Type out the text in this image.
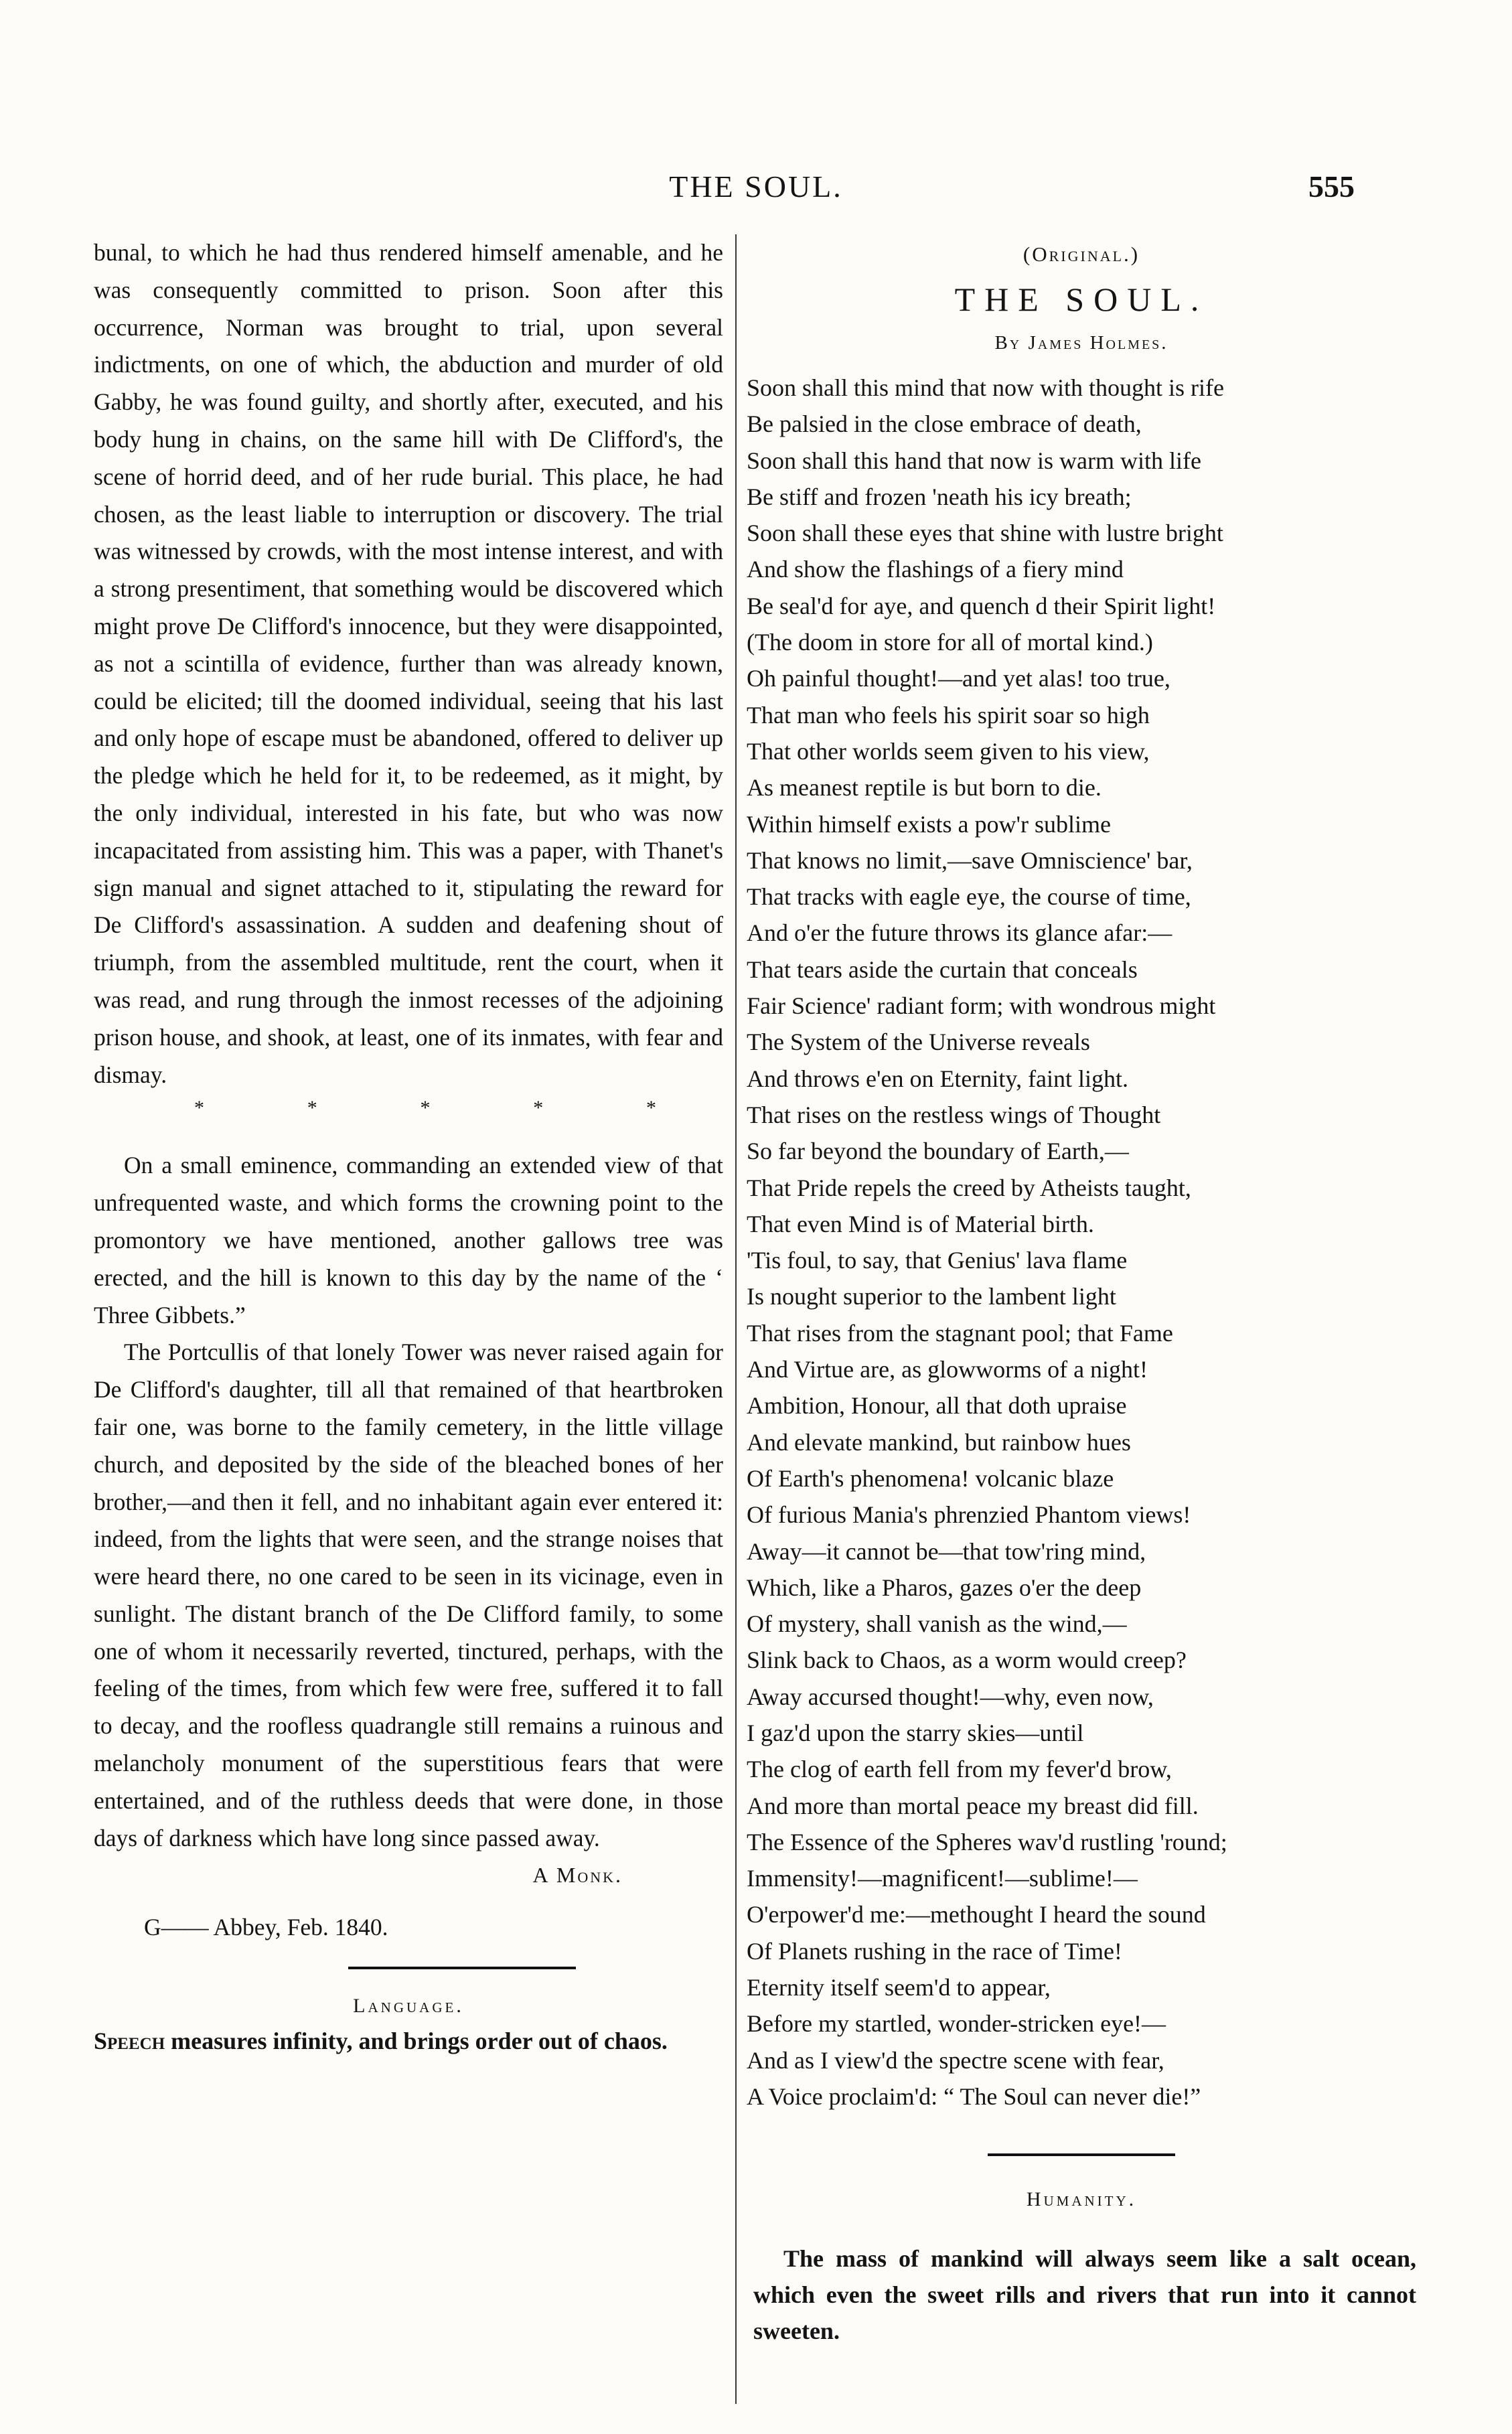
THE SOUL.	555

bunal, to which he had thus rendered himself amenable, and he was consequently committed to prison. Soon after this occurrence, Norman was brought to trial, upon several indictments, on one of which, the abduction and murder of old Gabby, he was found guilty, and shortly after, executed, and his body hung in chains, on the same hill with De Clifford's, the scene of horrid deed, and of her rude burial. This place, he had chosen, as the least liable to interruption or discovery. The trial was witnessed by crowds, with the most intense interest, and with a strong presentiment, that something would be discovered which might prove De Clifford's innocence, but they were disappointed, as not a scintilla of evidence, further than was already known, could be elicited; till the doomed individual, seeing that his last and only hope of escape must be abandoned, offered to deliver up the pledge which he held for it, to be redeemed, as it might, by the only individual, interested in his fate, but who was now incapacitated from assisting him. This was a paper, with Thanet's sign manual and signet attached to it, stipulating the reward for De Clifford's assassination. A sudden and deafening shout of triumph, from the assembled multitude, rent the court, when it was read, and rung through the inmost recesses of the adjoining prison house, and shook, at least, one of its inmates, with fear and dismay.

*	*	*	*	*

On a small eminence, commanding an extended view of that unfrequented waste, and which forms the crowning point to the promontory we have mentioned, another gallows tree was erected, and the hill is known to this day by the name of the ‘ Three Gibbets.”

The Portcullis of that lonely Tower was never raised again for De Clifford's daughter, till all that remained of that heartbroken fair one, was borne to the family cemetery, in the little village church, and deposited by the side of the bleached bones of her brother,—and then it fell, and no inhabitant again ever entered it: indeed, from the lights that were seen, and the strange noises that were heard there, no one cared to be seen in its vicinage, even in sunlight. The distant branch of the De Clifford family, to some one of whom it necessarily reverted, tinctured, perhaps, with the feeling of the times, from which few were free, suffered it to fall to decay, and the roofless quadrangle still remains a ruinous and melancholy monument of the superstitious fears that were entertained, and of the ruthless deeds that were done, in those days of darkness which have long since passed away.

A Monk.
G—— Abbey, Feb. 1840.
Language.

Speech measures infinity, and brings order out of chaos.

(Original.)
THE SOUL.
By James Holmes.
Soon shall this mind that now with thought is rife
Be palsied in the close embrace of death,
Soon shall this hand that now is warm with life
Be stiff and frozen 'neath his icy breath;
Soon shall these eyes that shine with lustre bright
And show the flashings of a fiery mind
Be seal'd for aye, and quench d their Spirit light!
(The doom in store for all of mortal kind.)
Oh painful thought!—and yet alas! too true,
That man who feels his spirit soar so high
That other worlds seem given to his view,
As meanest reptile is but born to die.
Within himself exists a pow'r sublime
That knows no limit,—save Omniscience' bar,
That tracks with eagle eye, the course of time,
And o'er the future throws its glance afar:—
That tears aside the curtain that conceals
Fair Science' radiant form; with wondrous might
The System of the Universe reveals
And throws e'en on Eternity, faint light.
That rises on the restless wings of Thought
So far beyond the boundary of Earth,—
That Pride repels the creed by Atheists taught,
That even Mind is of Material birth.
'Tis foul, to say, that Genius' lava flame
Is nought superior to the lambent light
That rises from the stagnant pool; that Fame
And Virtue are, as glowworms of a night!
Ambition, Honour, all that doth upraise
And elevate mankind, but rainbow hues
Of Earth's phenomena! volcanic blaze
Of furious Mania's phrenzied Phantom views!
Away—it cannot be—that tow'ring mind,
Which, like a Pharos, gazes o'er the deep
Of mystery, shall vanish as the wind,—
Slink back to Chaos, as a worm would creep?
Away accursed thought!—why, even now,
I gaz'd upon the starry skies—until
The clog of earth fell from my fever'd brow,
And more than mortal peace my breast did fill.
The Essence of the Spheres wav'd rustling 'round;
Immensity!—magnificent!—sublime!—
O'erpower'd me:—methought I heard the sound
Of Planets rushing in the race of Time!
Eternity itself seem'd to appear,
Before my startled, wonder-stricken eye!—
And as I view'd the spectre scene with fear,
A Voice proclaim'd: “ The Soul can never die!”
Humanity.

The mass of mankind will always seem like a salt ocean, which even the sweet rills and rivers that run into it cannot sweeten.
